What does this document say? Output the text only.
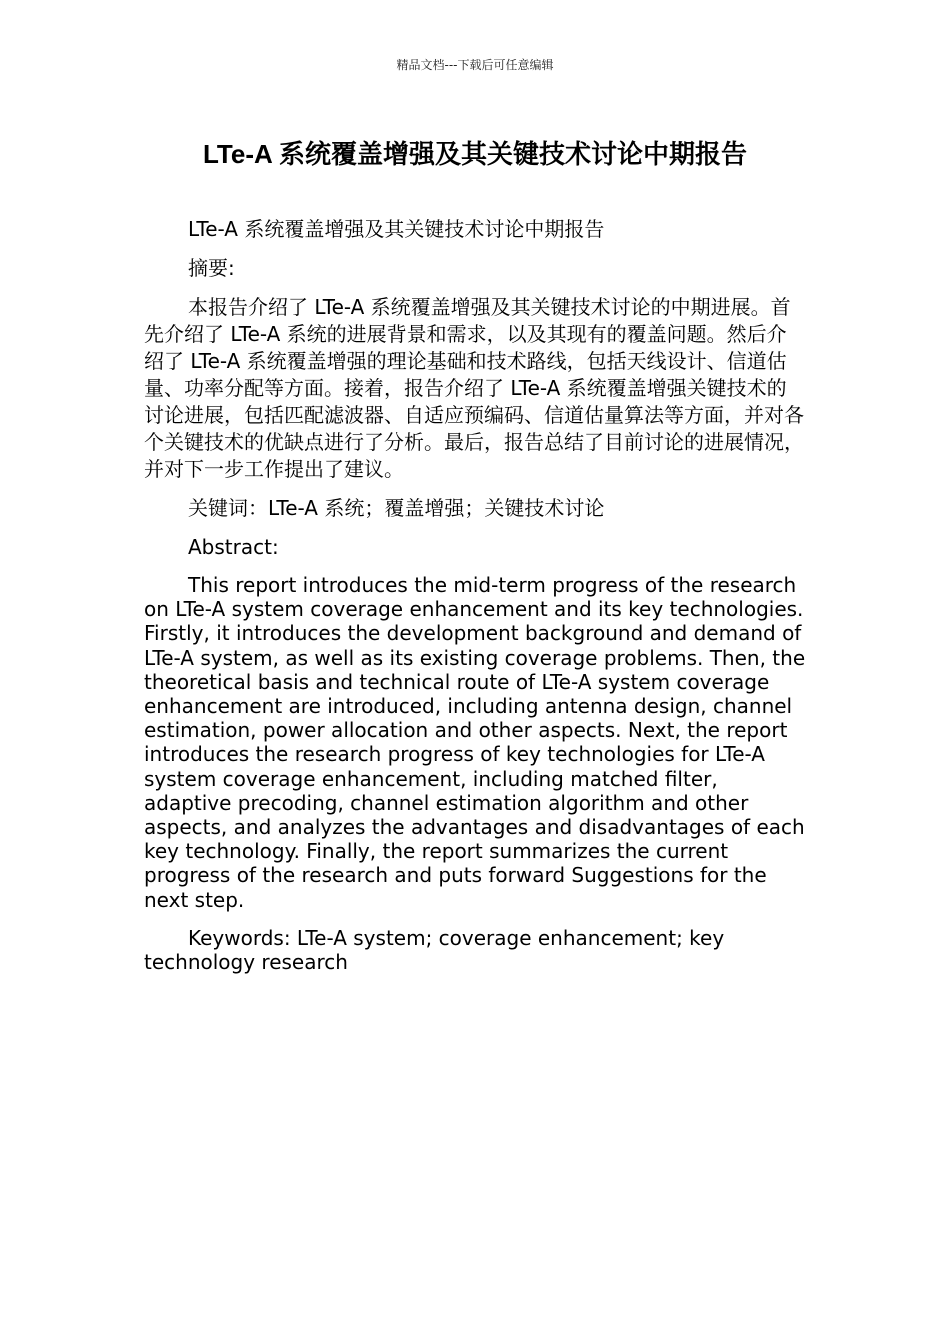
精品文档---下载后可任意编辑
LTe-A 系统覆盖增强及其关键技术讨论中期报告

LTe-A 系统覆盖增强及其关键技术讨论中期报告

摘要:

本报告介绍了 LTe-A 系统覆盖增强及其关键技术讨论的中期进展。首先介绍了 LTe-A 系统的进展背景和需求，以及其现有的覆盖问题。然后介绍了 LTe-A 系统覆盖增强的理论基础和技术路线，包括天线设计、信道估量、功率分配等方面。接着，报告介绍了 LTe-A 系统覆盖增强关键技术的讨论进展，包括匹配滤波器、自适应预编码、信道估量算法等方面，并对各个关键技术的优缺点进行了分析。最后，报告总结了目前讨论的进展情况，并对下一步工作提出了建议。

关键词：LTe-A 系统；覆盖增强；关键技术讨论

Abstract:

This report introduces the mid-term progress of the research on LTe-A system coverage enhancement and its key technologies. Firstly, it introduces the development background and demand of LTe-A system, as well as its existing coverage problems. Then, the theoretical basis and technical route of LTe-A system coverage enhancement are introduced, including antenna design, channel estimation, power allocation and other aspects. Next, the report introduces the research progress of key technologies for LTe-A system coverage enhancement, including matched filter, adaptive precoding, channel estimation algorithm and other aspects, and analyzes the advantages and disadvantages of each key technology. Finally, the report summarizes the current progress of the research and puts forward Suggestions for the next step.

Keywords: LTe-A system; coverage enhancement; key technology research
